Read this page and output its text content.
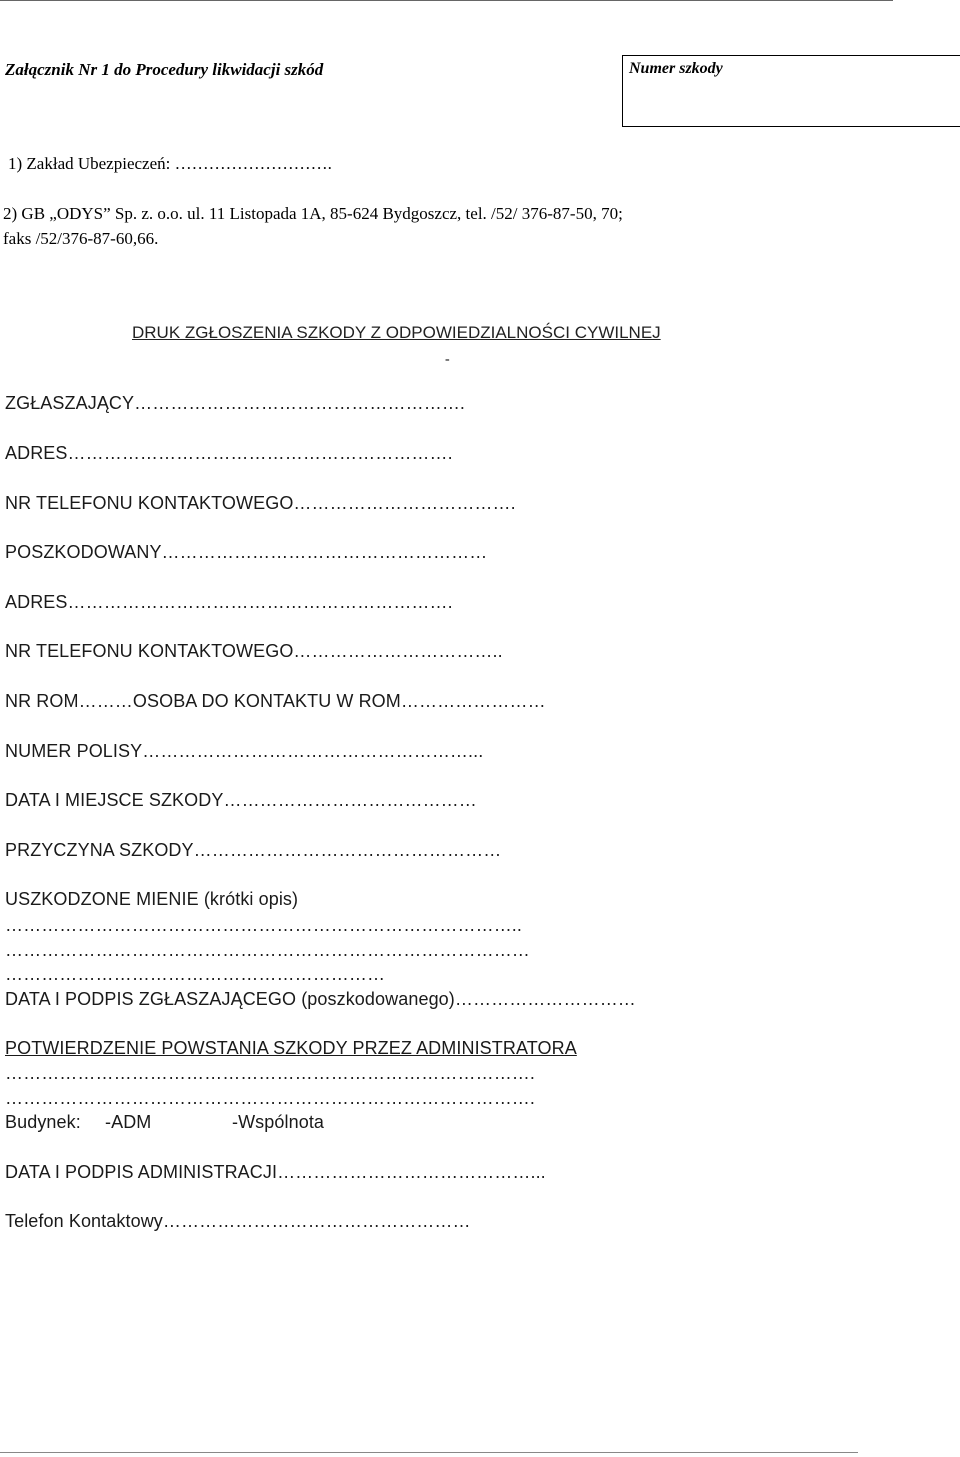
Załącznik Nr 1 do Procedury likwidacji szkód	Numer szkody
1) Zakład Ubezpieczeń: ……………………….
2) GB „ODYS” Sp. z. o.o. ul. 11 Listopada 1A, 85-624 Bydgoszcz, tel. /52/ 376-87-50, 70;
faks /52/376-87-60,66.
DRUK ZGŁOSZENIA SZKODY Z ODPOWIEDZIALNOŚCI CYWILNEJ
-
ZGŁASZAJĄCY……………………………………………….
ADRES……………………………………………………….
NR TELEFONU KONTAKTOWEGO……………………………….
POSZKODOWANY………………………………………………
ADRES……………………………………………………….
NR TELEFONU KONTAKTOWEGO……………………………..
NR ROM………OSOBA DO KONTAKTU W ROM……………………
NUMER POLISY………………………………………………...
DATA I MIEJSCE SZKODY……………………………………
PRZYCZYNA SZKODY……………………………………………
USZKODZONE MIENIE (krótki opis)
…………………………………………………………………………..
……………………………………………………………………………
………………………………………………………
DATA I PODPIS ZGŁASZAJĄCEGO (poszkodowanego)…………………………
POTWIERDZENIE POWSTANIA SZKODY PRZEZ ADMINISTRATORA
…………………………………………………………………………….
…………………………………………………………………………….
Budynek: -ADM	-Wspólnota
DATA I PODPIS ADMINISTRACJI……………………………………...
Telefon Kontaktowy……………………………………………
